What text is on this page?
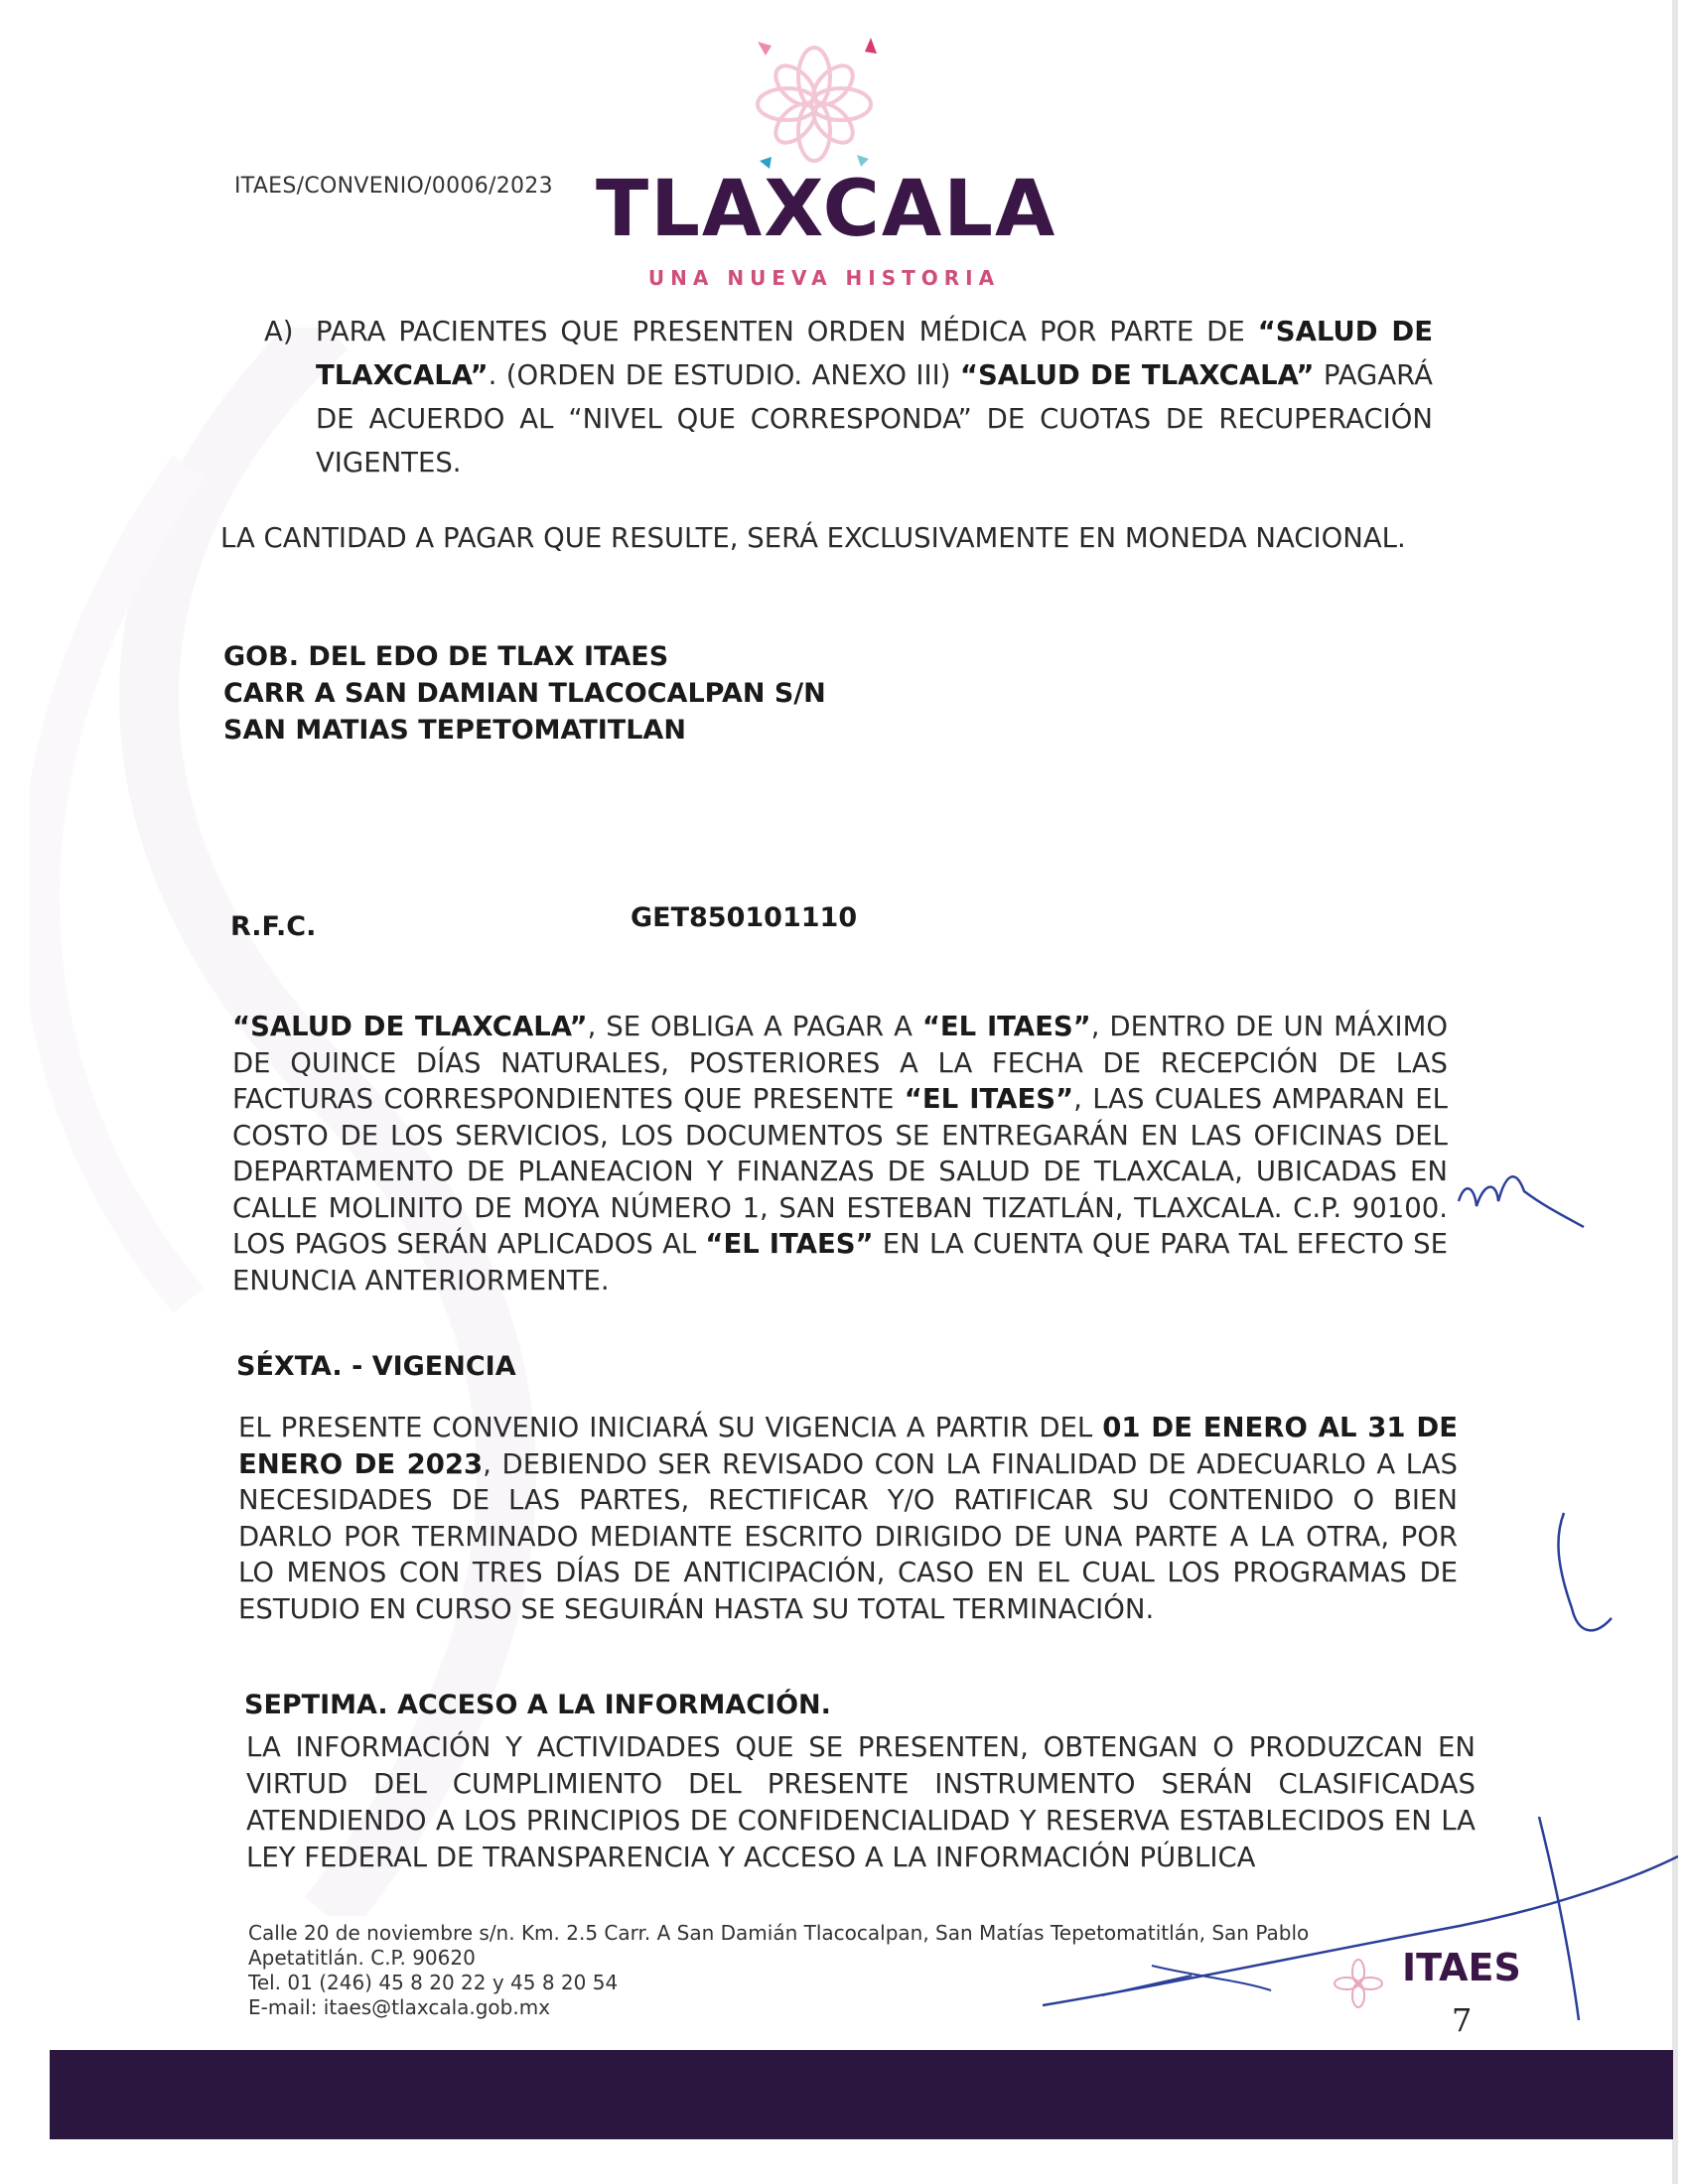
ITAES/CONVENIO/0006/2023 TLAXCALA
UNA NUEVA HISTORIA
A) PARA PACIENTES QUE PRESENTEN ORDEN MÉDICA POR PARTE DE “SALUD DE TLAXCALA”. (ORDEN DE ESTUDIO. ANEXO III) “SALUD DE TLAXCALA” PAGARÁ DE ACUERDO AL “NIVEL QUE CORRESPONDA” DE CUOTAS DE RECUPERACIÓN VIGENTES.
LA CANTIDAD A PAGAR QUE RESULTE, SERÁ EXCLUSIVAMENTE EN MONEDA NACIONAL.
GOB. DEL EDO DE TLAX ITAES
CARR A SAN DAMIAN TLACOCALPAN S/N
SAN MATIAS TEPETOMATITLAN
R.F.C.	GET850101110
“SALUD DE TLAXCALA”, SE OBLIGA A PAGAR A “EL ITAES”, DENTRO DE UN MÁXIMO DE QUINCE DÍAS NATURALES, POSTERIORES A LA FECHA DE RECEPCIÓN DE LAS FACTURAS CORRESPONDIENTES QUE PRESENTE “EL ITAES”, LAS CUALES AMPARAN EL COSTO DE LOS SERVICIOS, LOS DOCUMENTOS SE ENTREGARÁN EN LAS OFICINAS DEL DEPARTAMENTO DE PLANEACION Y FINANZAS DE SALUD DE TLAXCALA, UBICADAS EN CALLE MOLINITO DE MOYA NÚMERO 1, SAN ESTEBAN TIZATLÁN, TLAXCALA. C.P. 90100. LOS PAGOS SERÁN APLICADOS AL “EL ITAES” EN LA CUENTA QUE PARA TAL EFECTO SE ENUNCIA ANTERIORMENTE.
SÉXTA. - VIGENCIA
EL PRESENTE CONVENIO INICIARÁ SU VIGENCIA A PARTIR DEL 01 DE ENERO AL 31 DE ENERO DE 2023, DEBIENDO SER REVISADO CON LA FINALIDAD DE ADECUARLO A LAS NECESIDADES DE LAS PARTES, RECTIFICAR Y/O RATIFICAR SU CONTENIDO O BIEN DARLO POR TERMINADO MEDIANTE ESCRITO DIRIGIDO DE UNA PARTE A LA OTRA, POR LO MENOS CON TRES DÍAS DE ANTICIPACIÓN, CASO EN EL CUAL LOS PROGRAMAS DE ESTUDIO EN CURSO SE SEGUIRÁN HASTA SU TOTAL TERMINACIÓN.
SEPTIMA. ACCESO A LA INFORMACIÓN.
LA INFORMACIÓN Y ACTIVIDADES QUE SE PRESENTEN, OBTENGAN O PRODUZCAN EN VIRTUD DEL CUMPLIMIENTO DEL PRESENTE INSTRUMENTO SERÁN CLASIFICADAS ATENDIENDO A LOS PRINCIPIOS DE CONFIDENCIALIDAD Y RESERVA ESTABLECIDOS EN LA LEY FEDERAL DE TRANSPARENCIA Y ACCESO A LA INFORMACIÓN PÚBLICA
Calle 20 de noviembre s/n. Km. 2.5 Carr. A San Damián Tlacocalpan, San Matías Tepetomatitlán, San Pablo
Apetatitlán. C.P. 90620
Tel. 01 (246) 45 8 20 22 y 45 8 20 54
E-mail: itaes@tlaxcala.gob.mx
ITAES
7
